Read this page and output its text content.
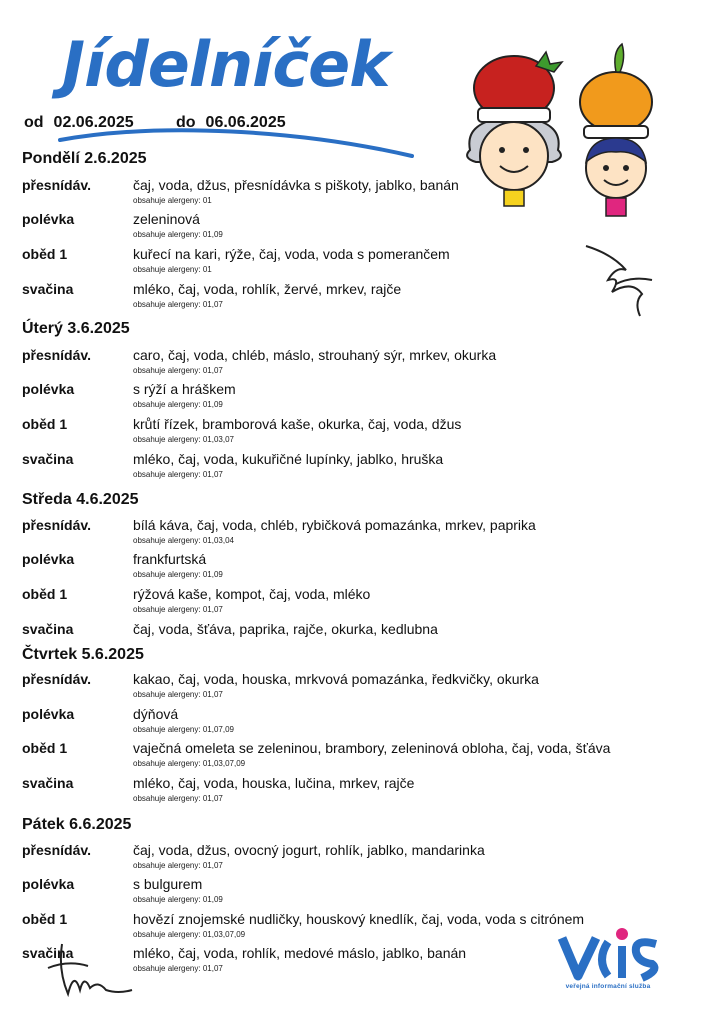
Jídelníček
od 02.06.2025	do 06.06.2025
Pondělí 2.6.2025
přesnídáv.	čaj, voda, džus, přesnídávka s piškoty, jablko, banán
obsahuje alergeny: 01
polévka	zeleninová
obsahuje alergeny: 01,09
oběd 1	kuřecí na kari, rýže, čaj, voda, voda s pomerančem
obsahuje alergeny: 01
svačina	mléko, čaj, voda, rohlík, žervé, mrkev, rajče
obsahuje alergeny: 01,07
Úterý 3.6.2025
přesnídáv.	caro, čaj, voda, chléb, máslo, strouhaný sýr, mrkev, okurka
obsahuje alergeny: 01,07
polévka	s rýží a hráškem
obsahuje alergeny: 01,09
oběd 1	krůtí řízek, bramborová kaše, okurka, čaj, voda, džus
obsahuje alergeny: 01,03,07
svačina	mléko, čaj, voda, kukuřičné lupínky, jablko, hruška
obsahuje alergeny: 01,07
Středa 4.6.2025
přesnídáv.	bílá káva, čaj, voda, chléb, rybičková pomazánka, mrkev, paprika
obsahuje alergeny: 01,03,04
polévka	frankfurtská
obsahuje alergeny: 01,09
oběd 1	rýžová kaše, kompot, čaj, voda, mléko
obsahuje alergeny: 01,07
svačina	čaj, voda, šťáva, paprika, rajče, okurka, kedlubna
Čtvrtek 5.6.2025
přesnídáv.	kakao, čaj, voda, houska, mrkvová pomazánka, ředkvičky, okurka
obsahuje alergeny: 01,07
polévka	dýňová
obsahuje alergeny: 01,07,09
oběd 1	vaječná omeleta se zeleninou, brambory, zeleninová obloha, čaj, voda, šťáva
obsahuje alergeny: 01,03,07,09
svačina	mléko, čaj, voda, houska, lučina, mrkev, rajče
obsahuje alergeny: 01,07
Pátek 6.6.2025
přesnídáv.	čaj, voda, džus, ovocný jogurt, rohlík, jablko, mandarinka
obsahuje alergeny: 01,07
polévka	s bulgurem
obsahuje alergeny: 01,09
oběd 1	hovězí znojemské nudličky, houskový knedlík, čaj, voda, voda s citrónem
obsahuje alergeny: 01,03,07,09
svačina	mléko, čaj, voda, rohlík, medové máslo, jablko, banán
obsahuje alergeny: 01,07
veřejná informační služba
